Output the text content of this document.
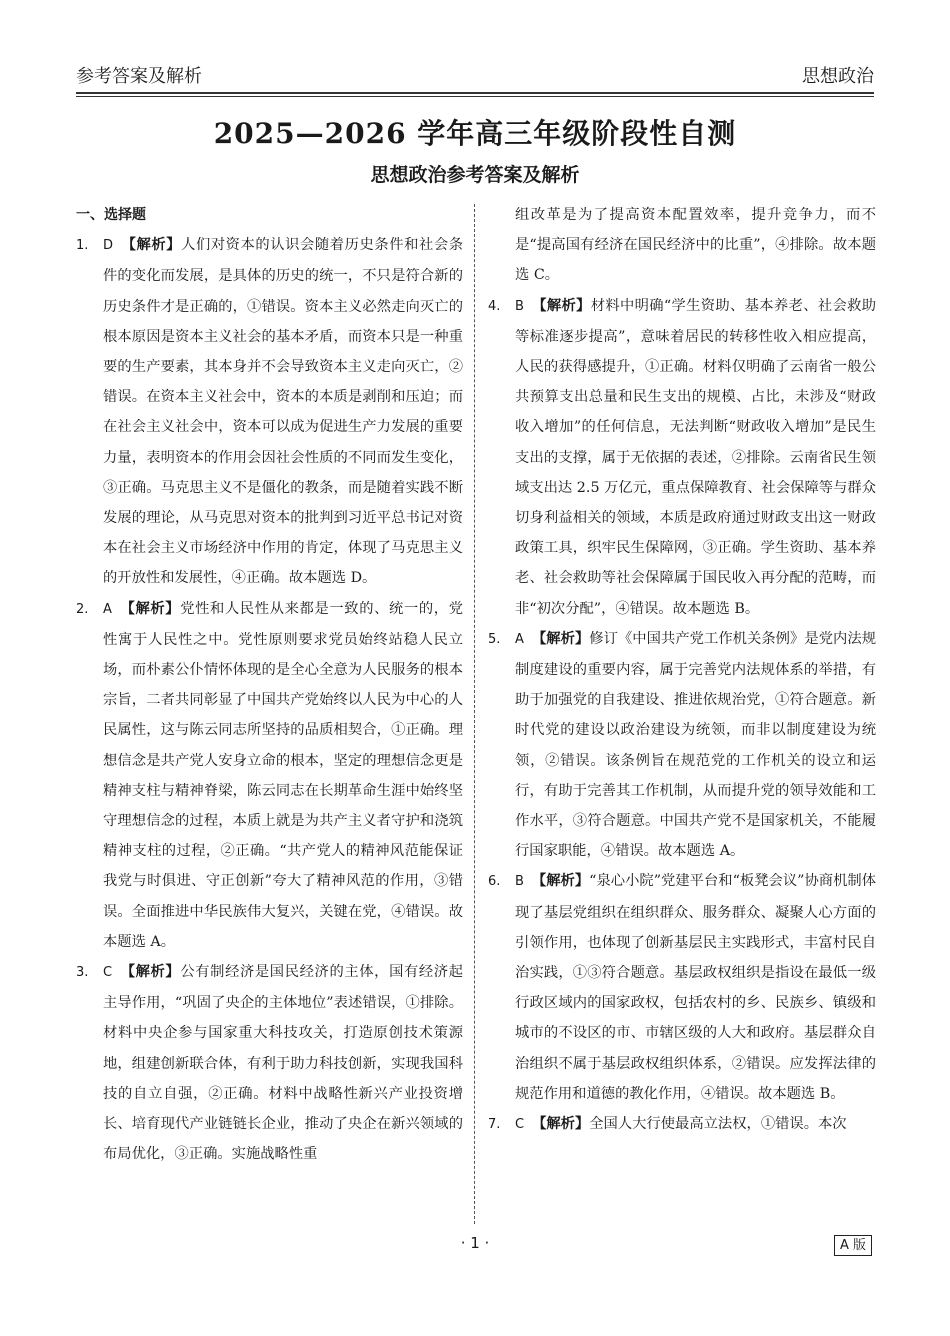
参考答案及解析	思想政治
2025—2026 学年高三年级阶段性自测
思想政治参考答案及解析
一、选择题
1. D 【解析】人们对资本的认识会随着历史条件和社会条件的变化而发展，是具体的历史的统一，不只是符合新的历史条件才是正确的，①错误。资本主义必然走向灭亡的根本原因是资本主义社会的基本矛盾，而资本只是一种重要的生产要素，其本身并不会导致资本主义走向灭亡，②错误。在资本主义社会中，资本的本质是剥削和压迫；而在社会主义社会中，资本可以成为促进生产力发展的重要力量，表明资本的作用会因社会性质的不同而发生变化，③正确。马克思主义不是僵化的教条，而是随着实践不断发展的理论，从马克思对资本的批判到习近平总书记对资本在社会主义市场经济中作用的肯定，体现了马克思主义的开放性和发展性，④正确。故本题选 D。
2. A 【解析】党性和人民性从来都是一致的、统一的，党性寓于人民性之中。党性原则要求党员始终站稳人民立场，而朴素公仆情怀体现的是全心全意为人民服务的根本宗旨，二者共同彰显了中国共产党始终以人民为中心的人民属性，这与陈云同志所坚持的品质相契合，①正确。理想信念是共产党人安身立命的根本，坚定的理想信念更是精神支柱与精神脊梁，陈云同志在长期革命生涯中始终坚守理想信念的过程，本质上就是为共产主义者守护和浇筑精神支柱的过程，②正确。“共产党人的精神风范能保证我党与时俱进、守正创新”夸大了精神风范的作用，③错误。全面推进中华民族伟大复兴，关键在党，④错误。故本题选 A。
3. C 【解析】公有制经济是国民经济的主体，国有经济起主导作用，“巩固了央企的主体地位”表述错误，①排除。材料中央企参与国家重大科技攻关，打造原创技术策源地，组建创新联合体，有利于助力科技创新，实现我国科技的自立自强，②正确。材料中战略性新兴产业投资增长、培育现代产业链链长企业，推动了央企在新兴领域的布局优化，③正确。实施战略性重
组改革是为了提高资本配置效率，提升竞争力，而不是“提高国有经济在国民经济中的比重”，④排除。故本题选 C。
4. B 【解析】材料中明确“学生资助、基本养老、社会救助等标准逐步提高”，意味着居民的转移性收入相应提高，人民的获得感提升，①正确。材料仅明确了云南省一般公共预算支出总量和民生支出的规模、占比，未涉及“财政收入增加”的任何信息，无法判断“财政收入增加”是民生支出的支撑，属于无依据的表述，②排除。云南省民生领域支出达 2.5 万亿元，重点保障教育、社会保障等与群众切身利益相关的领域，本质是政府通过财政支出这一财政政策工具，织牢民生保障网，③正确。学生资助、基本养老、社会救助等社会保障属于国民收入再分配的范畴，而非“初次分配”，④错误。故本题选 B。
5. A 【解析】修订《中国共产党工作机关条例》是党内法规制度建设的重要内容，属于完善党内法规体系的举措，有助于加强党的自我建设、推进依规治党，①符合题意。新时代党的建设以政治建设为统领，而非以制度建设为统领，②错误。该条例旨在规范党的工作机关的设立和运行，有助于完善其工作机制，从而提升党的领导效能和工作水平，③符合题意。中国共产党不是国家机关，不能履行国家职能，④错误。故本题选 A。
6. B 【解析】“泉心小院”党建平台和“板凳会议”协商机制体现了基层党组织在组织群众、服务群众、凝聚人心方面的引领作用，也体现了创新基层民主实践形式，丰富村民自治实践，①③符合题意。基层政权组织是指设在最低一级行政区域内的国家政权，包括农村的乡、民族乡、镇级和城市的不设区的市、市辖区级的人大和政府。基层群众自治组织不属于基层政权组织体系，②错误。应发挥法律的规范作用和道德的教化作用，④错误。故本题选 B。
7. C 【解析】全国人大行使最高立法权，①错误。本次
· 1 ·	A 版
